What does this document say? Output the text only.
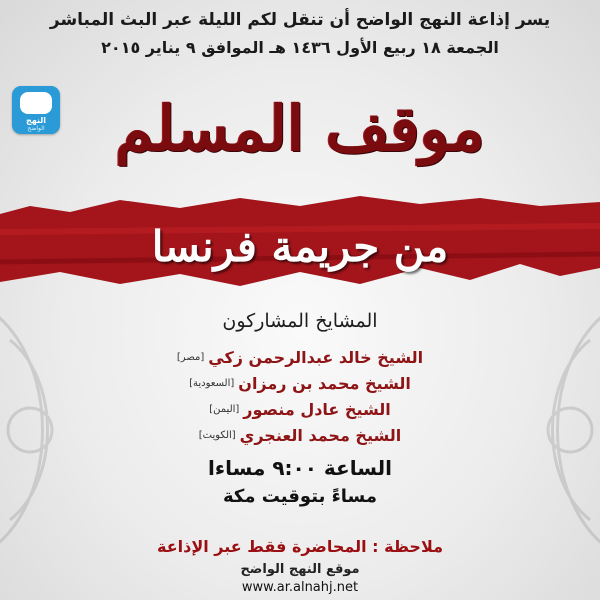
يسر إذاعة النهج الواضح أن تنقل لكم الليلة عبر البث المباشر
الجمعة ١٨ ربيع الأول ١٤٣٦ هـ الموافق ٩ يناير ٢٠١٥
النهج
الواضح	موقف المسلم
من جريمة فرنسا
المشايخ المشاركون
الشيخ خالد عبدالرحمن زكي
[مصر]
الشيخ محمد بن رمزان
[السعودية]
الشيخ عادل منصور
[اليمن]
الشيخ محمد العنجري
[الكويت]
الساعة ٩:٠٠ مساءا
مساءً بتوقيت مكة
ملاحظة : المحاضرة فقط عبر الإذاعة
موقع النهج الواضح
www.ar.alnahj.net
